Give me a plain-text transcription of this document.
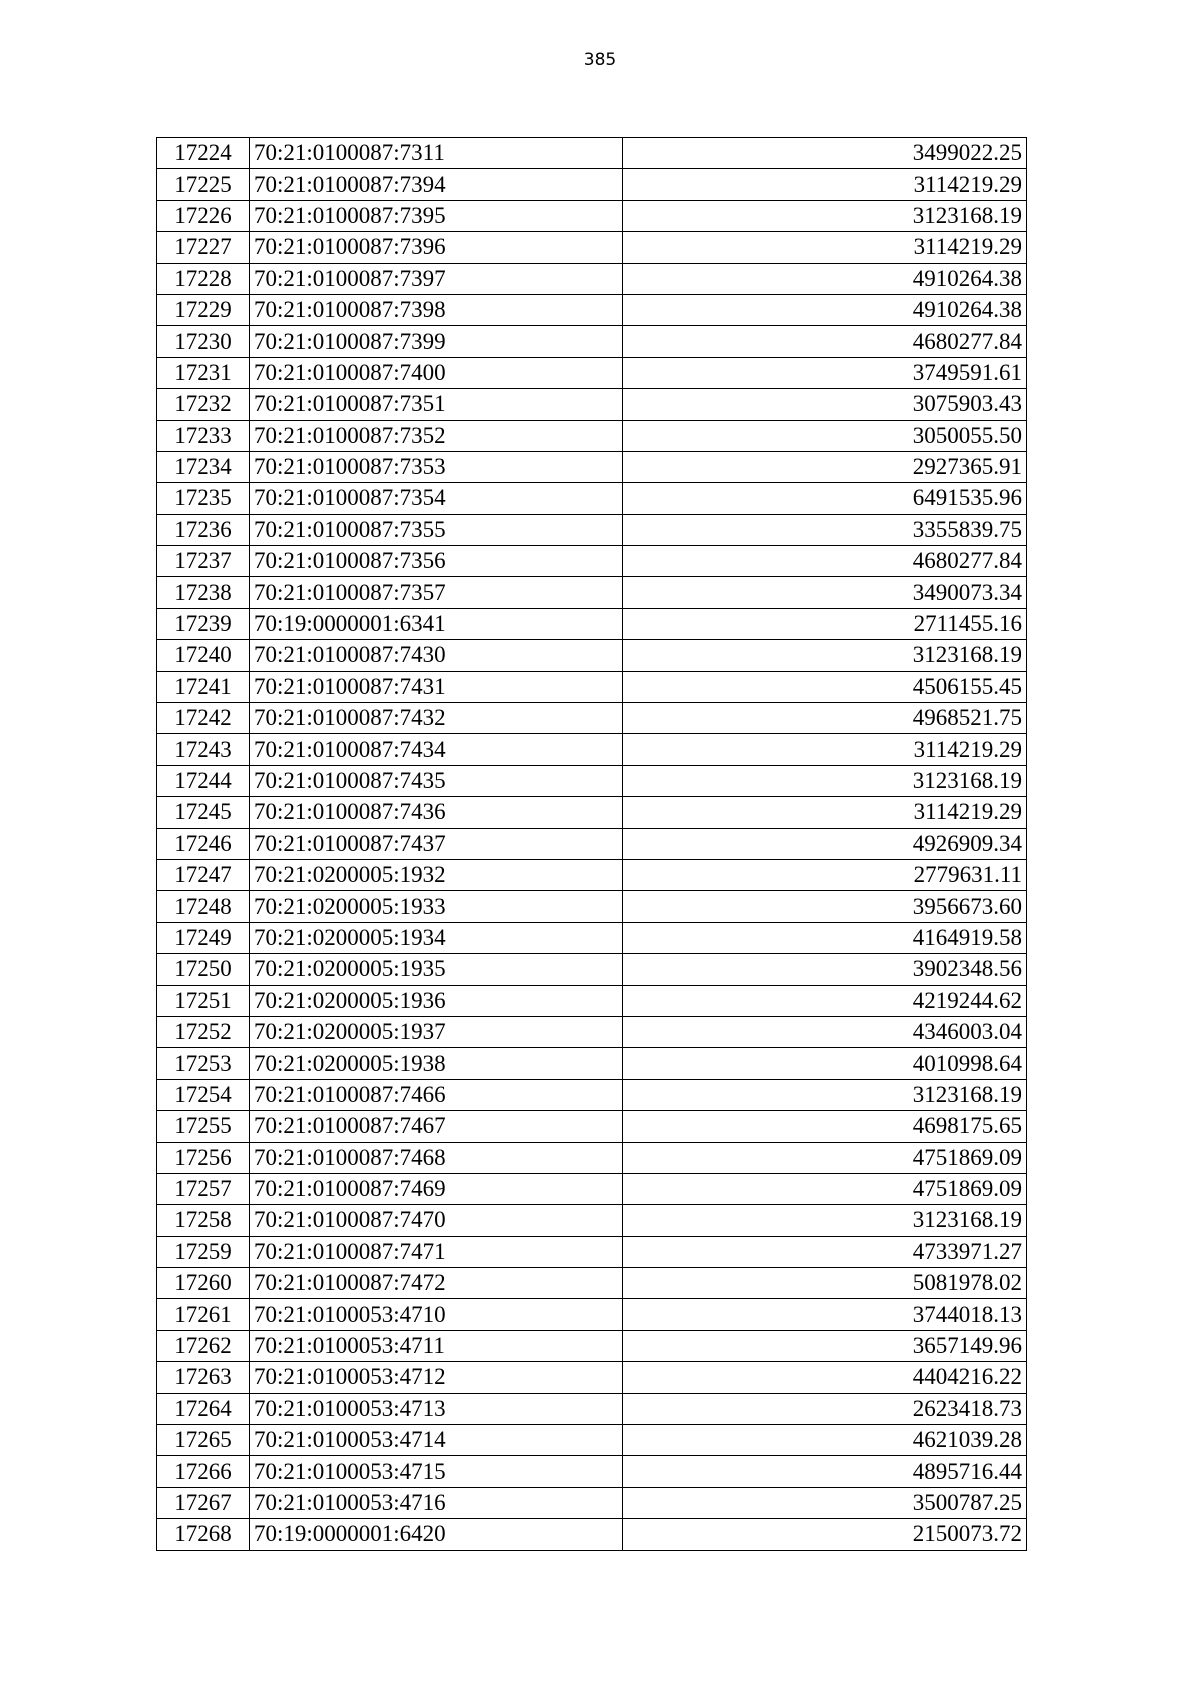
385
17224	70:21:0100087:7311	3499022.25
17225	70:21:0100087:7394	3114219.29
17226	70:21:0100087:7395	3123168.19
17227	70:21:0100087:7396	3114219.29
17228	70:21:0100087:7397	4910264.38
17229	70:21:0100087:7398	4910264.38
17230	70:21:0100087:7399	4680277.84
17231	70:21:0100087:7400	3749591.61
17232	70:21:0100087:7351	3075903.43
17233	70:21:0100087:7352	3050055.50
17234	70:21:0100087:7353	2927365.91
17235	70:21:0100087:7354	6491535.96
17236	70:21:0100087:7355	3355839.75
17237	70:21:0100087:7356	4680277.84
17238	70:21:0100087:7357	3490073.34
17239	70:19:0000001:6341	2711455.16
17240	70:21:0100087:7430	3123168.19
17241	70:21:0100087:7431	4506155.45
17242	70:21:0100087:7432	4968521.75
17243	70:21:0100087:7434	3114219.29
17244	70:21:0100087:7435	3123168.19
17245	70:21:0100087:7436	3114219.29
17246	70:21:0100087:7437	4926909.34
17247	70:21:0200005:1932	2779631.11
17248	70:21:0200005:1933	3956673.60
17249	70:21:0200005:1934	4164919.58
17250	70:21:0200005:1935	3902348.56
17251	70:21:0200005:1936	4219244.62
17252	70:21:0200005:1937	4346003.04
17253	70:21:0200005:1938	4010998.64
17254	70:21:0100087:7466	3123168.19
17255	70:21:0100087:7467	4698175.65
17256	70:21:0100087:7468	4751869.09
17257	70:21:0100087:7469	4751869.09
17258	70:21:0100087:7470	3123168.19
17259	70:21:0100087:7471	4733971.27
17260	70:21:0100087:7472	5081978.02
17261	70:21:0100053:4710	3744018.13
17262	70:21:0100053:4711	3657149.96
17263	70:21:0100053:4712	4404216.22
17264	70:21:0100053:4713	2623418.73
17265	70:21:0100053:4714	4621039.28
17266	70:21:0100053:4715	4895716.44
17267	70:21:0100053:4716	3500787.25
17268	70:19:0000001:6420	2150073.72
